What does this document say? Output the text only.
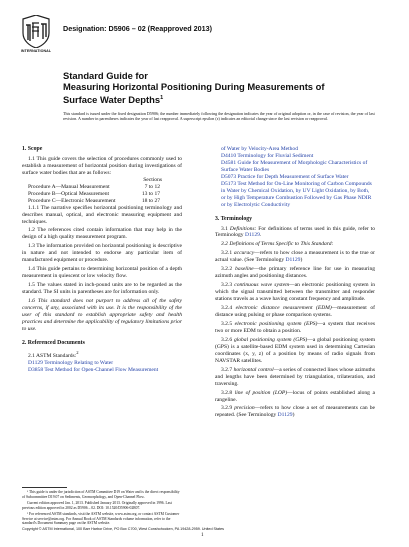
INTERNATIONAL
Designation: D5906 – 02 (Reapproved 2013)
Standard Guide for
Measuring Horizontal Positioning During Measurements of
Surface Water Depths$^1$
This standard is issued under the fixed designation D5906; the number immediately following the designation indicates the year of original adoption or, in the case of revision, the year of last revision. A number in parentheses indicates the year of last reapproval. A superscript epsilon (ε) indicates an editorial change since the last revision or reapproval.
1. Scope

1.1 This guide covers the selection of procedures commonly used to establish a measurement of horizontal position during investigations of surface water bodies that are as follows:

Sections
Procedure A—Manual Measurement	7 to 12
Procedure B—Optical Measurement	13 to 17
Procedure C—Electronic Measurement	18 to 27

1.1.1 The narrative specifies horizontal positioning terminology and describes manual, optical, and electronic measuring equipment and techniques.

1.2 The references cited contain information that may help in the design of a high quality measurement program.

1.3 The information provided on horizontal positioning is descriptive in nature and not intended to endorse any particular item of manufactured equipment or procedure.

1.4 This guide pertains to determining horizontal position of a depth measurement in quiescent or low velocity flow.

1.5 The values stated in inch-pound units are to be regarded as the standard. The SI units in parentheses are for information only.

1.6 This standard does not purport to address all of the safety concerns, if any, associated with its use. It is the responsibility of the user of this standard to establish appropriate safety and health practices and determine the applicability of regulatory limitations prior to use.

2. Referenced Documents

2.1 ASTM Standards:$^2$

D1129 Terminology Relating to Water
D3858 Test Method for Open-Channel Flow Measurement
of Water by Velocity-Area Method
D4410 Terminology for Fluvial Sediment
D4581 Guide for Measurement of Morphologic Characteristics of Surface Water Bodies
D5073 Practice for Depth Measurement of Surface Water
D5173 Test Method for On-Line Monitoring of Carbon Compounds in Water by Chemical Oxidation, by UV Light Oxidation, by Both, or by High Temperature Combustion Followed by Gas Phase NDIR or by Electrolytic Conductivity
3. Terminology

3.1 Definitions: For definitions of terms used in this guide, refer to Terminology D1129.

3.2 Definitions of Terms Specific to This Standard:

3.2.1 accuracy—refers to how close a measurement is to the true or actual value. (See Terminology D1129)

3.2.2 baseline—the primary reference line for use in measuring azimuth angles and positioning distances.

3.2.3 continuous wave system—an electronic positioning system in which the signal transmitted between the transmitter and responder stations travels as a wave having constant frequency and amplitude.

3.2.4 electronic distance measurement (EDM)—measurement of distance using pulsing or phase comparison systems.

3.2.5 electronic positioning system (EPS)—a system that receives two or more EDM to obtain a position.

3.2.6 global positioning system (GPS)—a global positioning system (GPS) is a satellite-based EDM system used in determining Cartesian coordinates (x, y, z) of a position by means of radio signals from NAVSTAR satellites.

3.2.7 horizontal control—a series of connected lines whose azimuths and lengths have been determined by triangulation, trilateration, and traversing.

3.2.8 line of position (LOP)—locus of points established along a rangeline.

3.2.9 precision—refers to how close a set of measurements can be repeated. (See Terminology D1129)

¹ This guide is under the jurisdiction of ASTM Committee D19 on Water and is the direct responsibility of Subcommittee D19.07 on Sediments, Geomorphology, and Open-Channel Flow.

Current edition approved Jan. 1, 2013. Published January 2013. Originally approved in 1996. Last previous edition approved in 2002 as D5906 – 02. DOI: 10.1520/D5906-02R07.

² For referenced ASTM standards, visit the ASTM website, www.astm.org, or contact ASTM Customer Service at service@astm.org. For Annual Book of ASTM Standards volume information, refer to the standard's Document Summary page on the ASTM website.

Copyright © ASTM International, 100 Barr Harbor Drive, PO Box C700, West Conshohocken, PA 19428-2959. United States
1
